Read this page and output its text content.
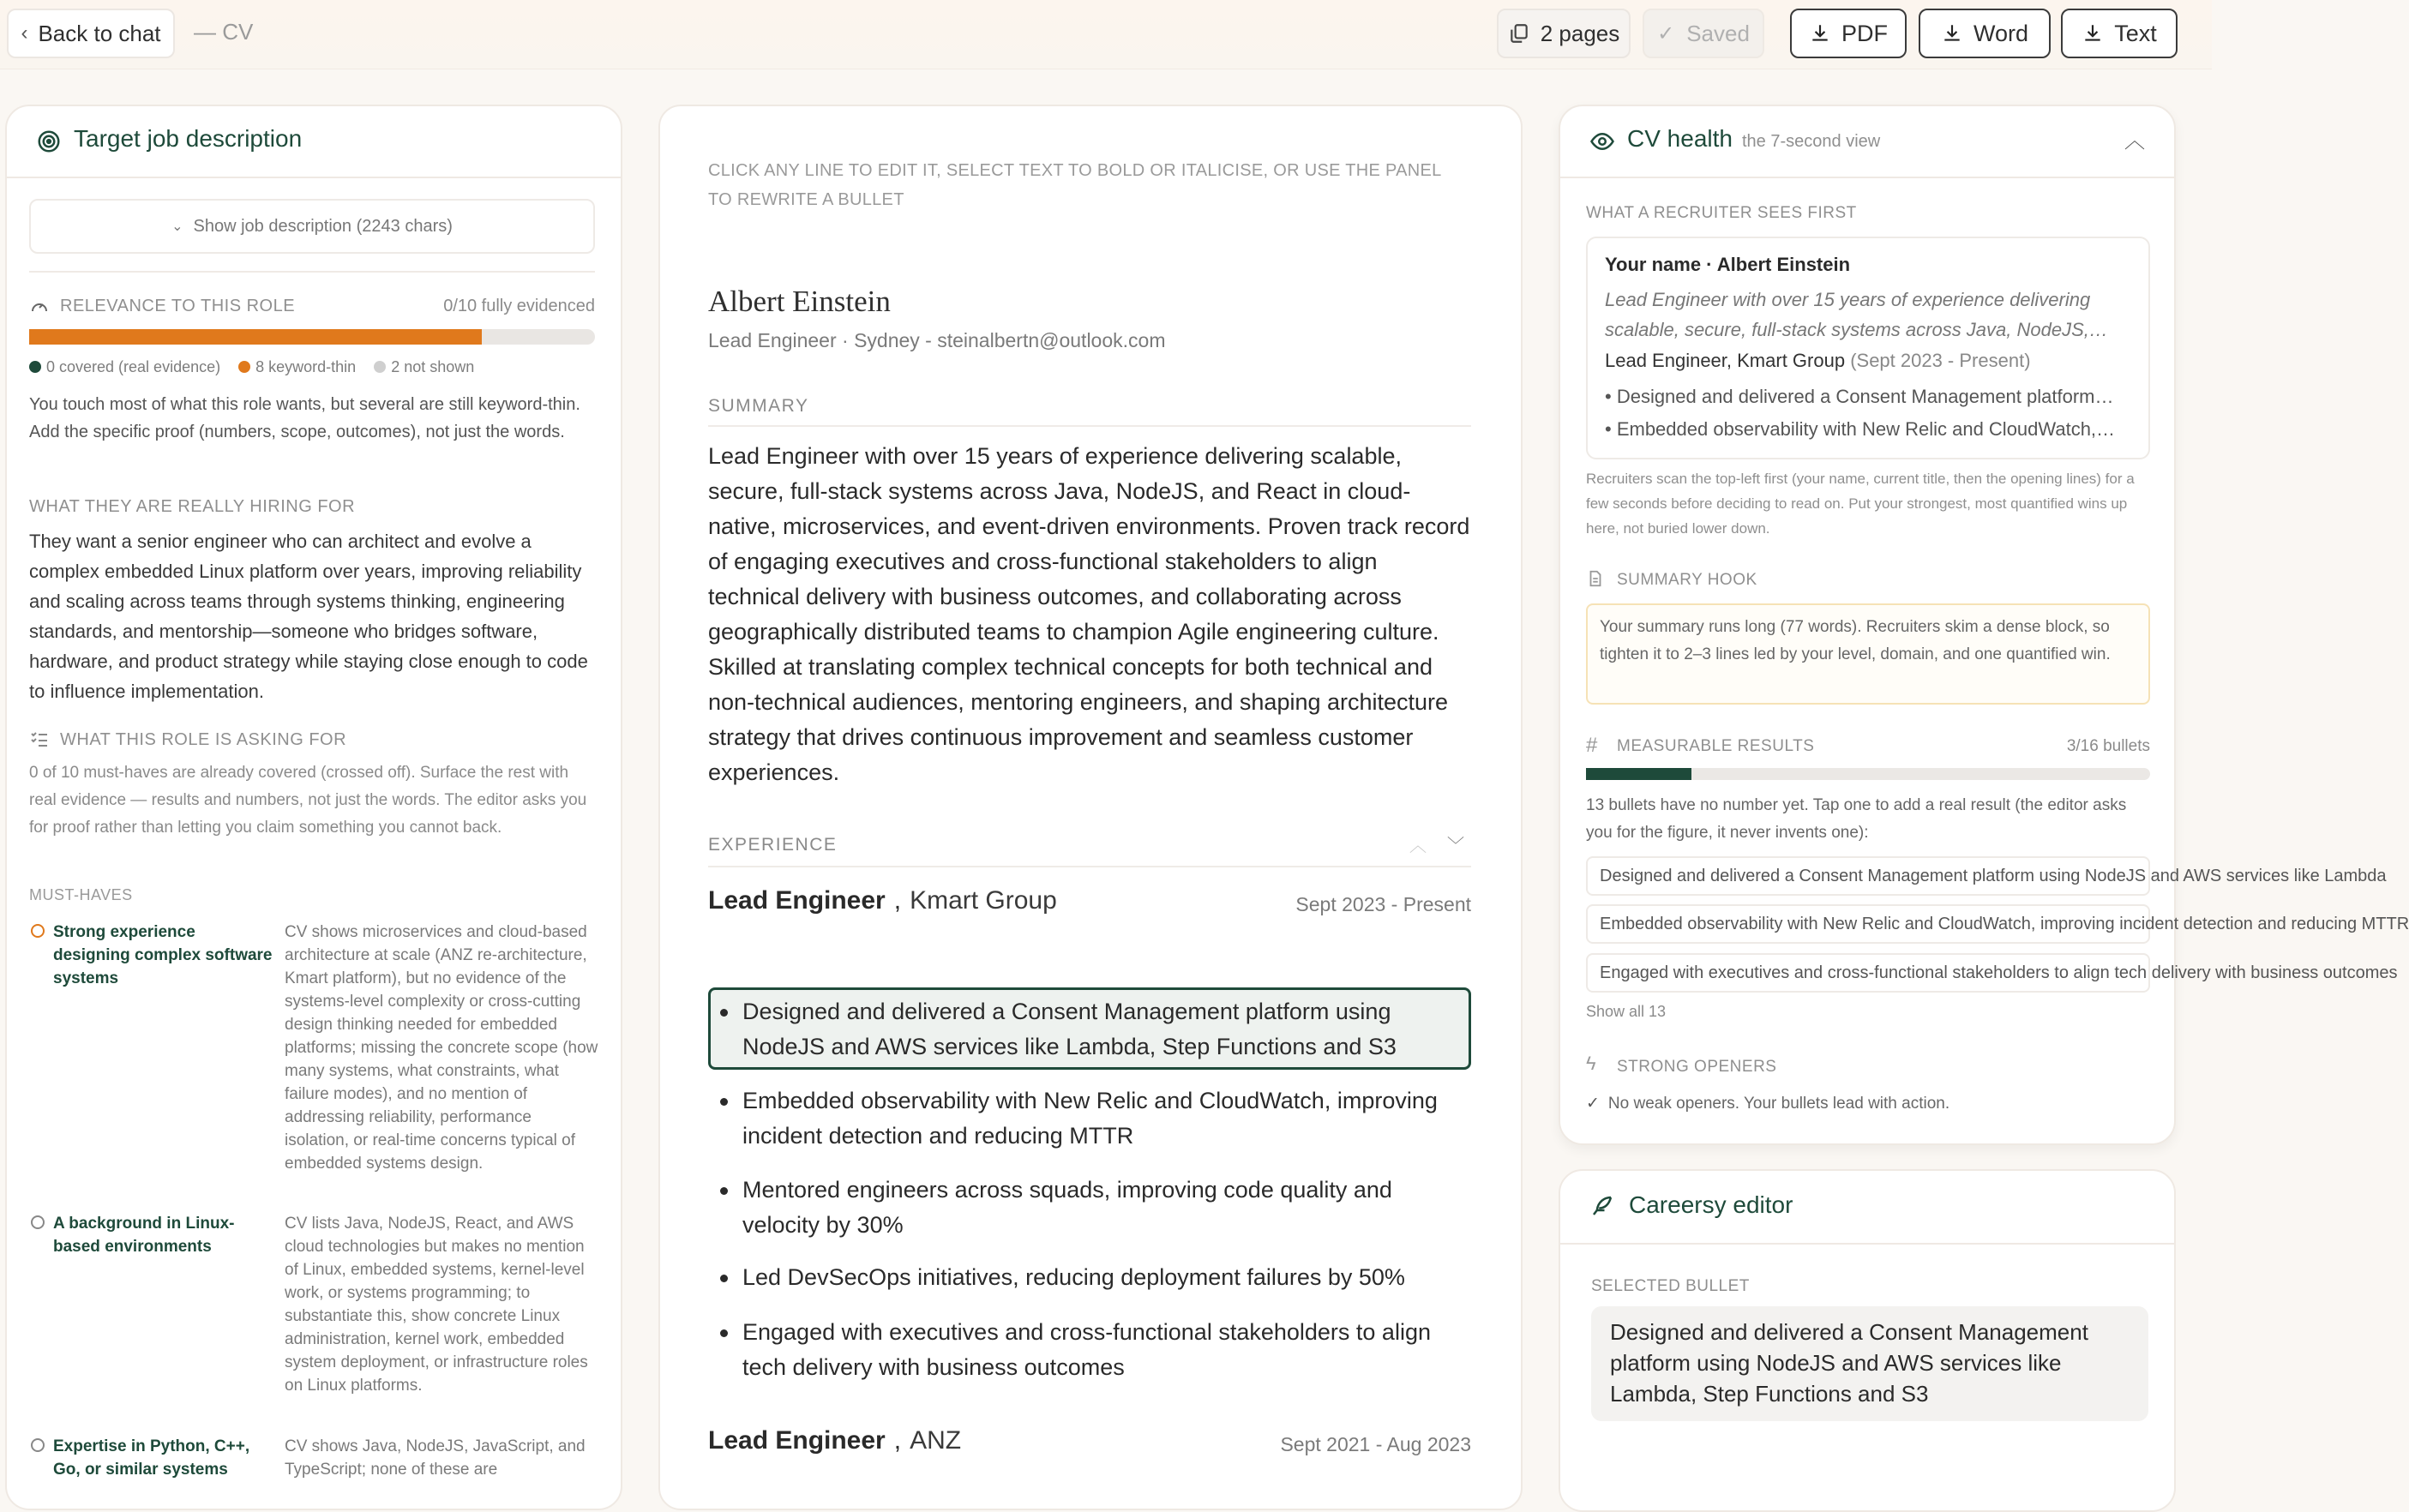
‹ Back to chat — CV	2 pages ✓ Saved	PDF	Word	Text
Target job description
⌄ Show job description (2243 chars)
RELEVANCE TO THIS ROLE	0/10 fully evidenced
0 covered (real evidence) 8 keyword-thin 2 not shown
You touch most of what this role wants, but several are still keyword-thin. Add the specific proof (numbers, scope, outcomes), not just the words.
WHAT THEY ARE REALLY HIRING FOR
They want a senior engineer who can architect and evolve a complex embedded Linux platform over years, improving reliability and scaling across teams through systems thinking, engineering standards, and mentorship—someone who bridges software, hardware, and product strategy while staying close enough to code to influence implementation.
WHAT THIS ROLE IS ASKING FOR
0 of 10 must-haves are already covered (crossed off). Surface the rest with real evidence — results and numbers, not just the words. The editor asks you for proof rather than letting you claim something you cannot back.
MUST-HAVES
Strong experience designing complex software systems
CV shows microservices and cloud-based architecture at scale (ANZ re-architecture, Kmart platform), but no evidence of the systems-level complexity or cross-cutting design thinking needed for embedded platforms; missing the concrete scope (how many systems, what constraints, what failure modes), and no mention of addressing reliability, performance isolation, or real-time concerns typical of embedded systems design.
A background in Linux-based environments
CV lists Java, NodeJS, React, and AWS cloud technologies but makes no mention of Linux, embedded systems, kernel-level work, or systems programming; to substantiate this, show concrete Linux administration, kernel work, embedded system deployment, or infrastructure roles on Linux platforms.
Expertise in Python, C++, Go, or similar systems
CV shows Java, NodeJS, JavaScript, and TypeScript; none of these are
CLICK ANY LINE TO EDIT IT, SELECT TEXT TO BOLD OR ITALICISE, OR USE THE PANEL TO REWRITE A BULLET
Albert Einstein
Lead Engineer · Sydney - steinalbertn@outlook.com
SUMMARY
Lead Engineer with over 15 years of experience delivering scalable, secure, full-stack systems across Java, NodeJS, and React in cloud-native, microservices, and event-driven environments. Proven track record of engaging executives and cross-functional stakeholders to align technical delivery with business outcomes, and collaborating across geographically distributed teams to champion Agile engineering culture. Skilled at translating complex technical concepts for both technical and non-technical audiences, mentoring engineers, and shaping architecture strategy that drives continuous improvement and seamless customer experiences.
EXPERIENCE	︿ ﹀
Lead Engineer , Kmart Group	Sept 2023 - Present
Designed and delivered a Consent Management platform using NodeJS and AWS services like Lambda, Step Functions and S3
Embedded observability with New Relic and CloudWatch, improving incident detection and reducing MTTR
Mentored engineers across squads, improving code quality and velocity by 30%
Led DevSecOps initiatives, reducing deployment failures by 50%
Engaged with executives and cross-functional stakeholders to align tech delivery with business outcomes
Lead Engineer , ANZ	Sept 2021 - Aug 2023
CV health the 7-second view	︿
WHAT A RECRUITER SEES FIRST
Your name · Albert Einstein
Lead Engineer with over 15 years of experience delivering scalable, secure, full-stack systems across Java, NodeJS,…
Lead Engineer, Kmart Group (Sept 2023 - Present)
• Designed and delivered a Consent Management platform…
• Embedded observability with New Relic and CloudWatch,…
Recruiters scan the top-left first (your name, current title, then the opening lines) for a few seconds before deciding to read on. Put your strongest, most quantified wins up here, not buried lower down.
SUMMARY HOOK
Your summary runs long (77 words). Recruiters skim a dense block, so tighten it to 2–3 lines led by your level, domain, and one quantified win.
# MEASURABLE RESULTS	3/16 bullets
13 bullets have no number yet. Tap one to add a real result (the editor asks you for the figure, it never invents one):
Designed and delivered a Consent Management platform using NodeJS and AWS services like Lambda
Embedded observability with New Relic and CloudWatch, improving incident detection and reducing MTTR
Engaged with executives and cross-functional stakeholders to align tech delivery with business outcomes
Show all 13
ϟ STRONG OPENERS
✓ No weak openers. Your bullets lead with action.
Careersy editor
SELECTED BULLET
Designed and delivered a Consent Management platform using NodeJS and AWS services like Lambda, Step Functions and S3
